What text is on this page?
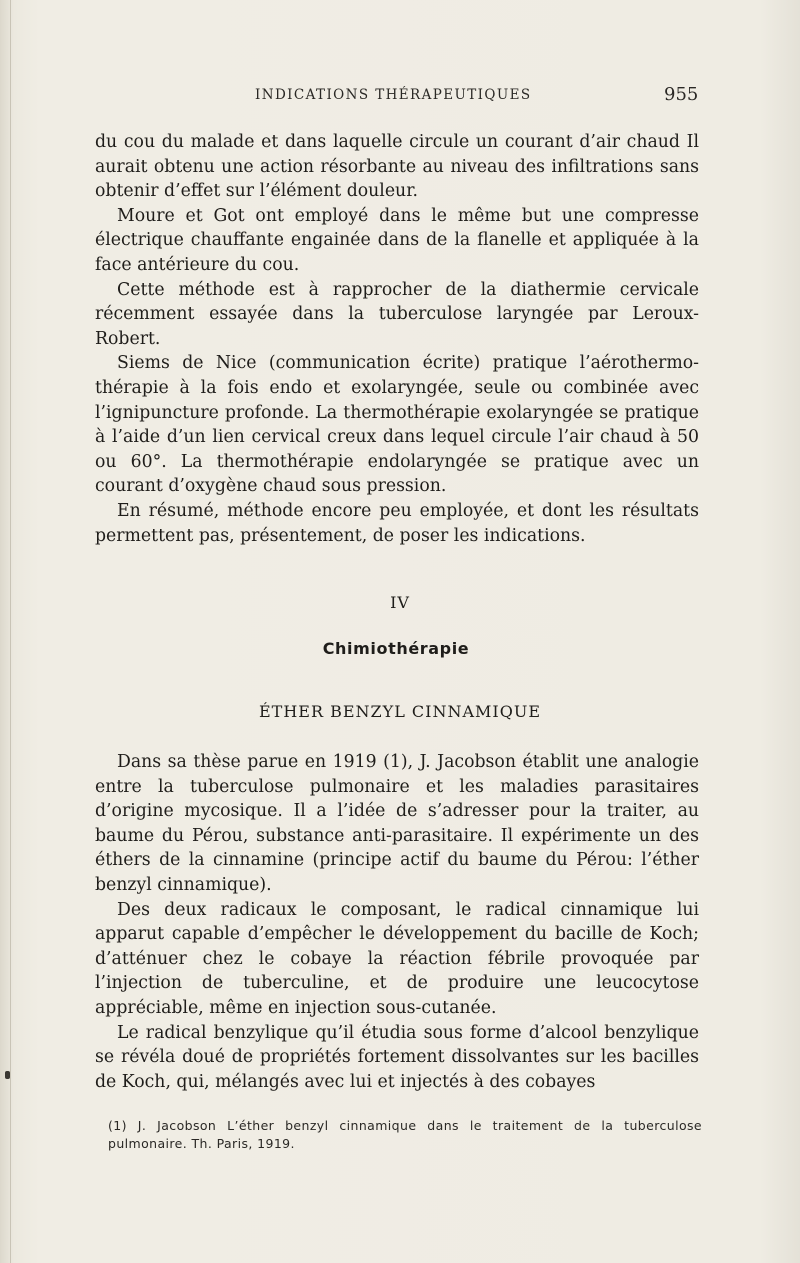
INDICATIONS THÉRAPEUTIQUES	955

du cou du malade et dans laquelle circule un courant d’air chaud Il aurait obtenu une action résorbante au niveau des infiltrations sans obtenir d’effet sur l’élément douleur.

Moure et Got ont employé dans le même but une compresse électrique chauffante engainée dans de la flanelle et appliquée à la face antérieure du cou.

Cette méthode est à rapprocher de la diathermie cervicale récemment essayée dans la tuberculose laryngée par Leroux-Robert.

Siems de Nice (communication écrite) pratique l’aérothermo-thérapie à la fois endo et exolaryngée, seule ou combinée avec l’ignipuncture profonde. La thermothérapie exolaryngée se pratique à l’aide d’un lien cervical creux dans lequel circule l’air chaud à 50 ou 60°. La thermothérapie endolaryngée se pratique avec un courant d’oxygène chaud sous pression.

En résumé, méthode encore peu employée, et dont les résultats permettent pas, présentement, de poser les indications.

IV
Chimiothérapie
ÉTHER BENZYL CINNAMIQUE

Dans sa thèse parue en 1919 (1), J. Jacobson établit une analogie entre la tuberculose pulmonaire et les maladies parasitaires d’origine mycosique. Il a l’idée de s’adresser pour la traiter, au baume du Pérou, substance anti-parasitaire. Il expérimente un des éthers de la cinnamine (principe actif du baume du Pérou: l’éther benzyl cinnamique).

Des deux radicaux le composant, le radical cinnamique lui apparut capable d’empêcher le développement du bacille de Koch; d’atténuer chez le cobaye la réaction fébrile provoquée par l’injection de tuberculine, et de produire une leucocytose appréciable, même en injection sous-cutanée.

Le radical benzylique qu’il étudia sous forme d’alcool benzylique se révéla doué de propriétés fortement dissolvantes sur les bacilles de Koch, qui, mélangés avec lui et injectés à des cobayes

(1) J. Jacobson L’éther benzyl cinnamique dans le traitement de la tuberculose pulmonaire. Th. Paris, 1919.
